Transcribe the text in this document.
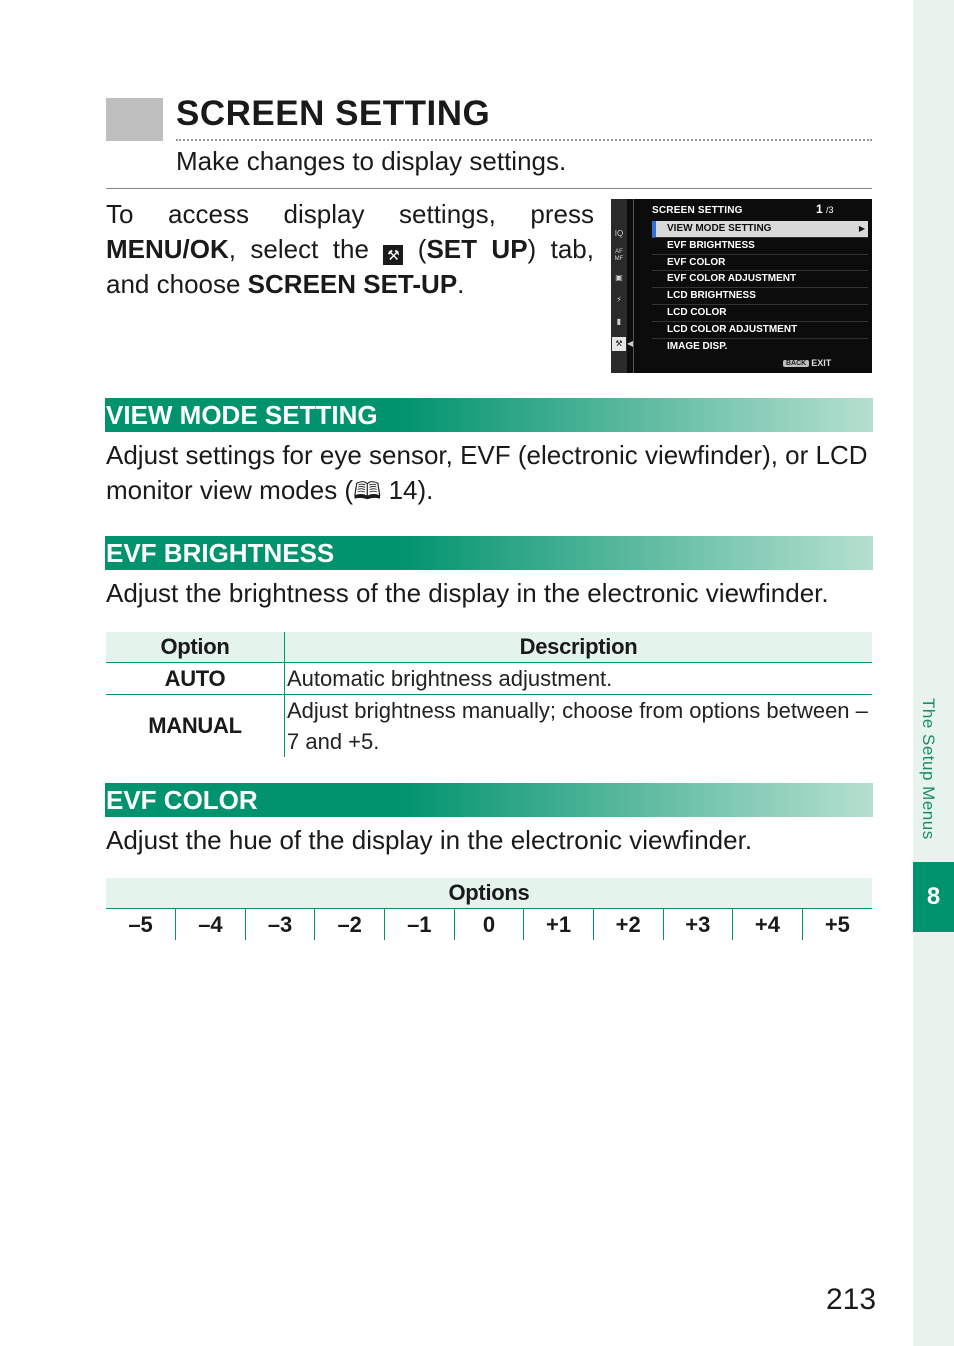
The Setup Menus
8
SCREEN SETTING
Make changes to display settings.
To access display settings, press MENU/OK, select the ⚒ (SET UP) tab, and choose SCREEN SET-UP.
IQ
AF MF
▣
⚡
▮
⚒ ◀
SCREEN SETTING	1 /3
VIEW MODE SETTING ▶
EVF BRIGHTNESS
EVF COLOR
EVF COLOR ADJUSTMENT
LCD BRIGHTNESS
LCD COLOR
LCD COLOR ADJUSTMENT
IMAGE DISP.
BACK EXIT
VIEW MODE SETTING
Adjust settings for eye sensor, EVF (electronic viewfinder), or LCD monitor view modes (🕮 14).
EVF BRIGHTNESS
Adjust the brightness of the display in the electronic viewfinder.
Option	Description
AUTO	Automatic brightness adjustment.
MANUAL	Adjust brightness manually; choose from options between –7 and +5.
EVF COLOR
Adjust the hue of the display in the electronic viewfinder.
Options
–5	–4	–3	–2	–1	0	+1	+2	+3	+4	+5
213
